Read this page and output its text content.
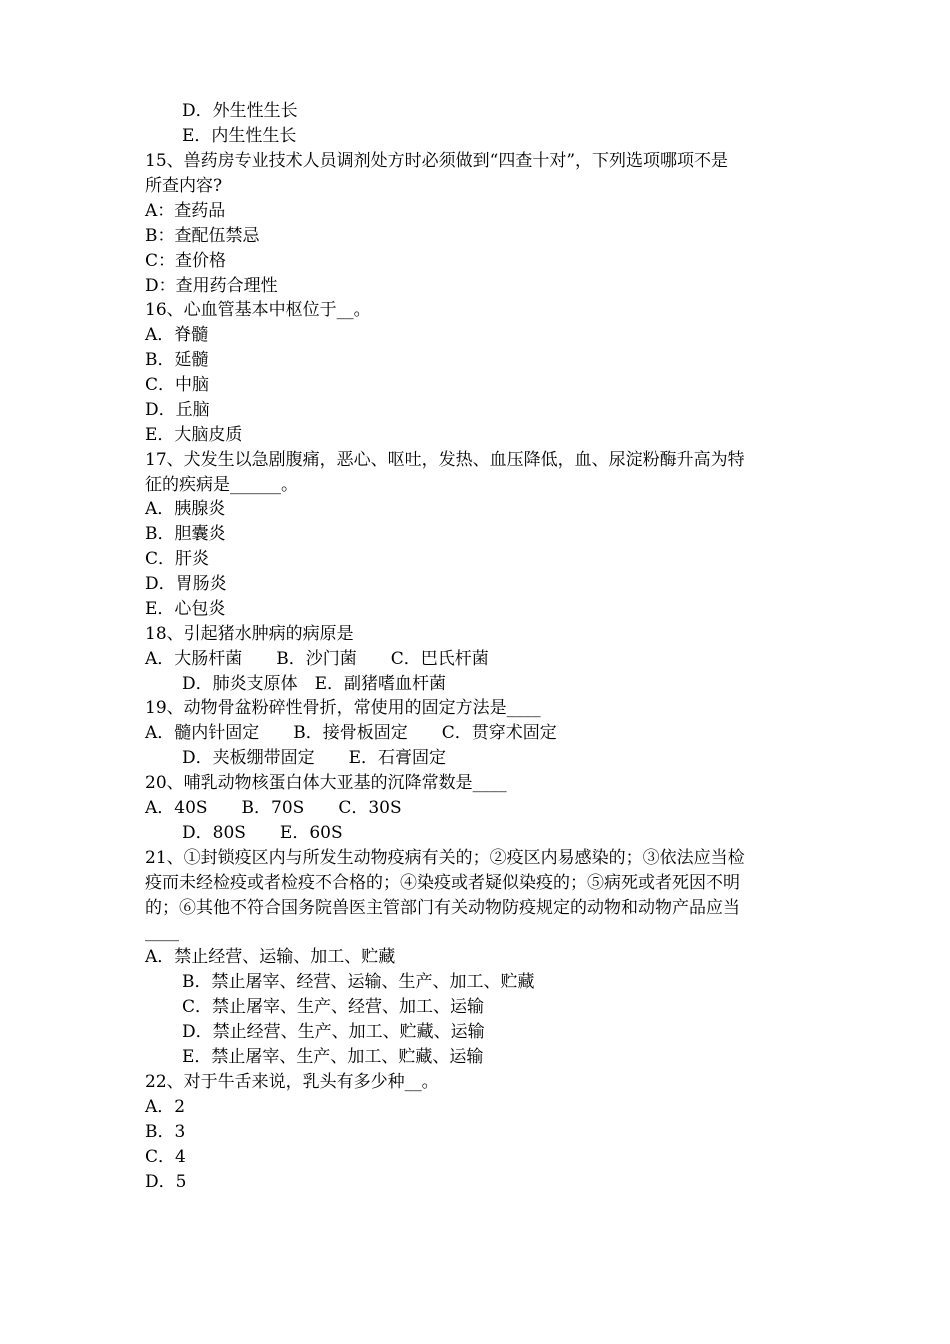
D．外生性生长
E．内生性生长
15、兽药房专业技术人员调剂处方时必须做到“四查十对”，下列选项哪项不是
所查内容?
A：查药品
B：查配伍禁忌
C：查价格
D：查用药合理性
16、心血管基本中枢位于__。
A．脊髓
B．延髓
C．中脑
D．丘脑
E．大脑皮质
17、犬发生以急剧腹痛，恶心、呕吐，发热、血压降低，血、尿淀粉酶升高为特
征的疾病是______。
A．胰腺炎
B．胆囊炎
C．肝炎
D．胃肠炎
E．心包炎
18、引起猪水肿病的病原是
A．大肠杆菌　　B．沙门菌　　C．巴氏杆菌
D．肺炎支原体　E．副猪嗜血杆菌
19、动物骨盆粉碎性骨折，常使用的固定方法是____
A．髓内针固定　　B．接骨板固定　　C．贯穿术固定
D．夹板绷带固定　　E．石膏固定
20、哺乳动物核蛋白体大亚基的沉降常数是____
A．40S　　B．70S　　C．30S
D．80S　　E．60S
21、①封锁疫区内与所发生动物疫病有关的；②疫区内易感染的；③依法应当检
疫而未经检疫或者检疫不合格的；④染疫或者疑似染疫的；⑤病死或者死因不明
的；⑥其他不符合国务院兽医主管部门有关动物防疫规定的动物和动物产品应当
____
A．禁止经营、运输、加工、贮藏
B．禁止屠宰、经营、运输、生产、加工、贮藏
C．禁止屠宰、生产、经营、加工、运输
D．禁止经营、生产、加工、贮藏、运输
E．禁止屠宰、生产、加工、贮藏、运输
22、对于牛舌来说，乳头有多少种__。
A．2
B．3
C．4
D．5
